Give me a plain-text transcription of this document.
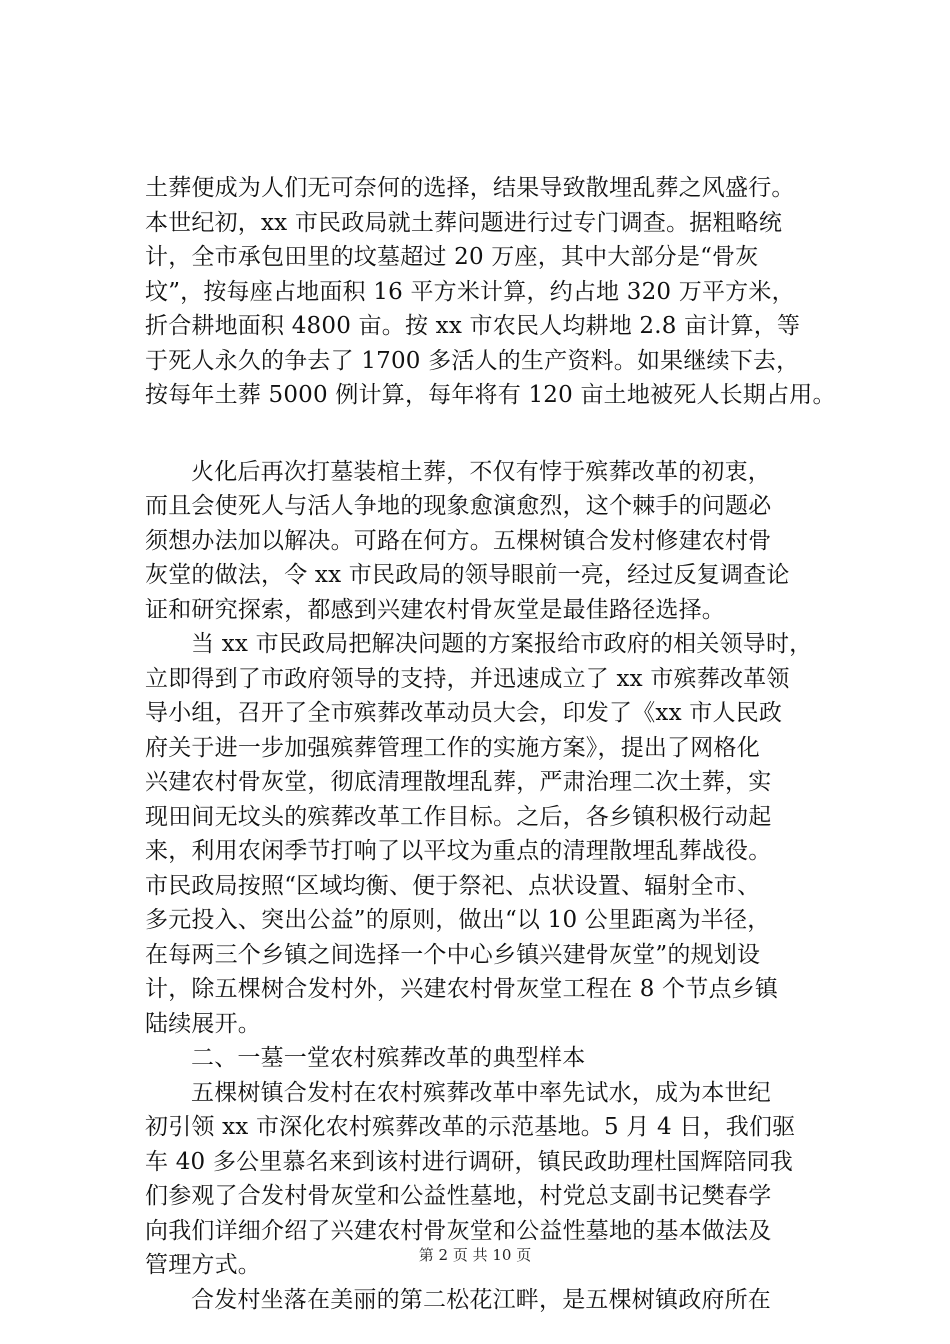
土葬便成为人们无可奈何的选择，结果导致散埋乱葬之风盛行。
本世纪初，xx 市民政局就土葬问题进行过专门调查。据粗略统
计，全市承包田里的坟墓超过 20 万座，其中大部分是“骨灰
坟”，按每座占地面积 16 平方米计算，约占地 320 万平方米，
折合耕地面积 4800 亩。按 xx 市农民人均耕地 2.8 亩计算，等
于死人永久的争去了 1700 多活人的生产资料。如果继续下去，
按每年土葬 5000 例计算，每年将有 120 亩土地被死人长期占用。
火化后再次打墓装棺土葬，不仅有悖于殡葬改革的初衷，
而且会使死人与活人争地的现象愈演愈烈，这个棘手的问题必
须想办法加以解决。可路在何方。五棵树镇合发村修建农村骨
灰堂的做法，令 xx 市民政局的领导眼前一亮，经过反复调查论
证和研究探索，都感到兴建农村骨灰堂是最佳路径选择。
当 xx 市民政局把解决问题的方案报给市政府的相关领导时，
立即得到了市政府领导的支持，并迅速成立了 xx 市殡葬改革领
导小组，召开了全市殡葬改革动员大会，印发了《xx 市人民政
府关于进一步加强殡葬管理工作的实施方案》，提出了网格化
兴建农村骨灰堂，彻底清理散埋乱葬，严肃治理二次土葬，实
现田间无坟头的殡葬改革工作目标。之后，各乡镇积极行动起
来，利用农闲季节打响了以平坟为重点的清理散埋乱葬战役。
市民政局按照“区域均衡、便于祭祀、点状设置、辐射全市、
多元投入、突出公益”的原则，做出“以 10 公里距离为半径，
在每两三个乡镇之间选择一个中心乡镇兴建骨灰堂”的规划设
计，除五棵树合发村外，兴建农村骨灰堂工程在 8 个节点乡镇
陆续展开。
二、一墓一堂农村殡葬改革的典型样本
五棵树镇合发村在农村殡葬改革中率先试水，成为本世纪
初引领 xx 市深化农村殡葬改革的示范基地。5 月 4 日，我们驱
车 40 多公里慕名来到该村进行调研，镇民政助理杜国辉陪同我
们参观了合发村骨灰堂和公益性墓地，村党总支副书记樊春学
向我们详细介绍了兴建农村骨灰堂和公益性墓地的基本做法及
管理方式。
合发村坐落在美丽的第二松花江畔，是五棵树镇政府所在
第 2 页 共 10 页
